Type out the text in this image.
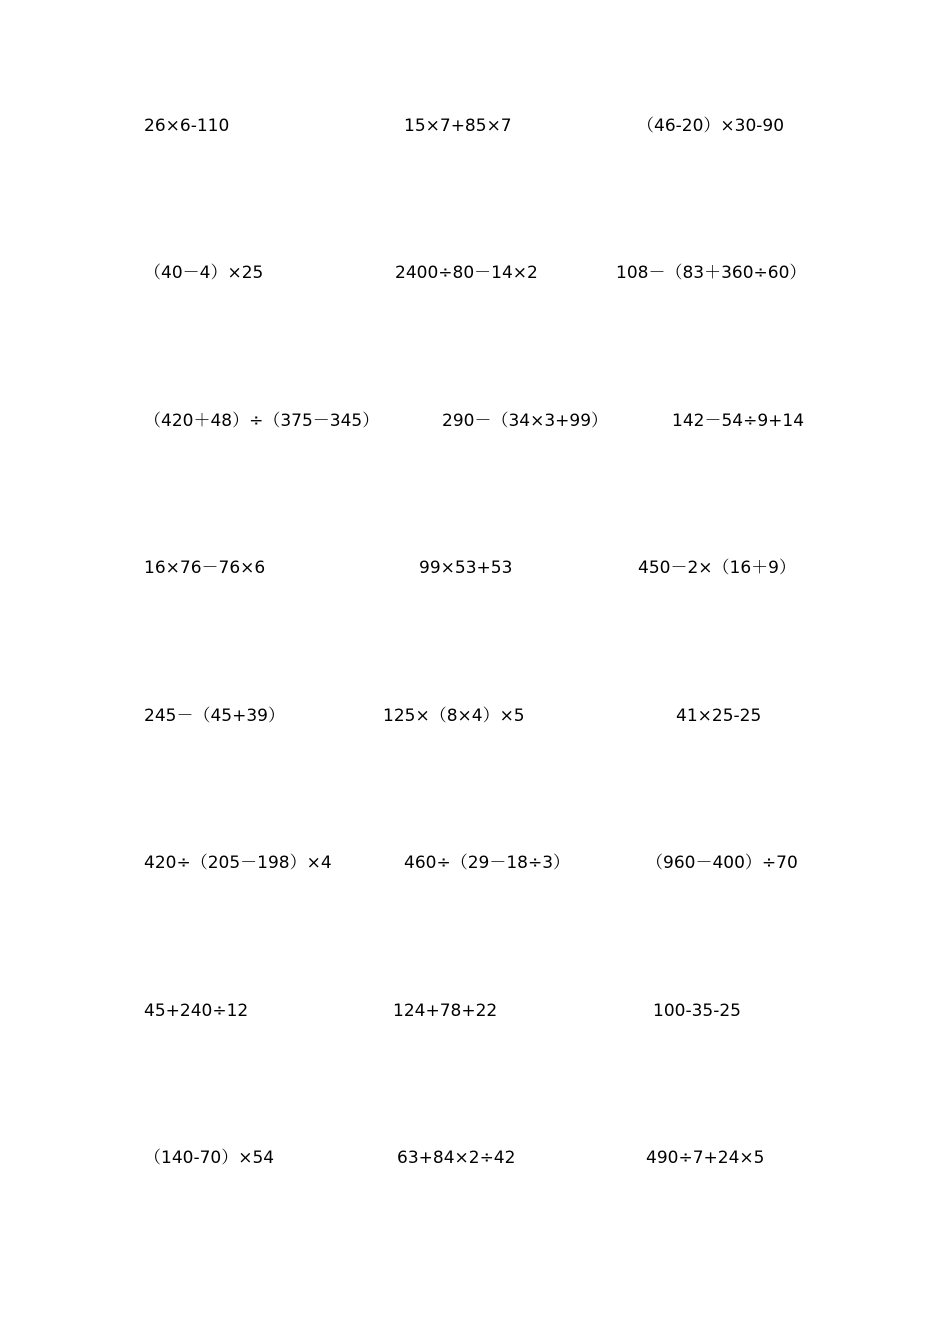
26×6-110	15×7+85×7	（46-20）×30-90
（40－4）×25	2400÷80－14×2	108－（83＋360÷60）
（420＋48）÷（375－345）	290－（34×3+99）	142－54÷9+14
16×76－76×6	99×53+53	450－2×（16＋9）
245－（45+39）	125×（8×4）×5	41×25-25
420÷（205－198）×4	460÷（29－18÷3）	（960－400）÷70
45+240÷12	124+78+22	100-35-25
（140-70）×54	63+84×2÷42	490÷7+24×5
